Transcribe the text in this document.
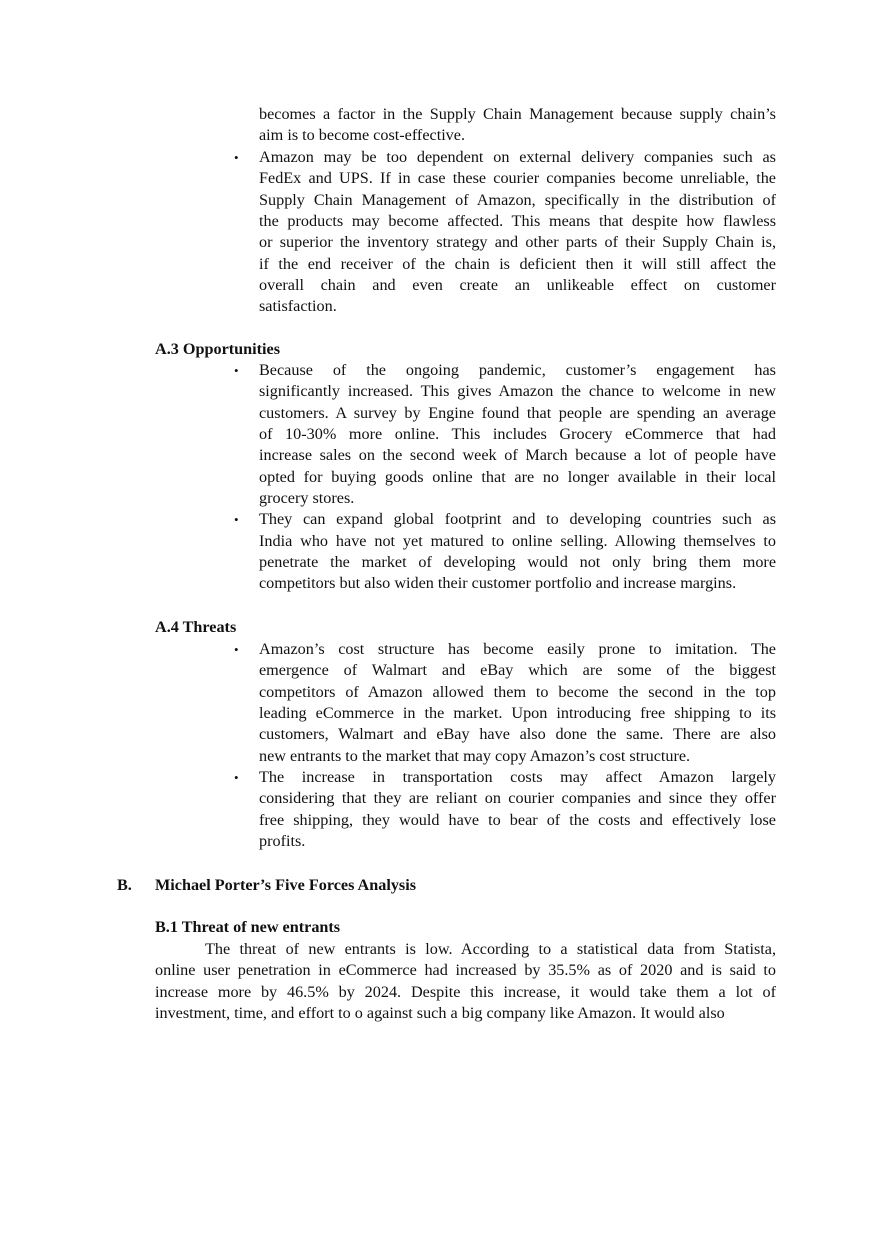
becomes a factor in the Supply Chain Management because supply chain’s
aim is to become cost-effective.
• Amazon may be too dependent on external delivery companies such as
FedEx and UPS. If in case these courier companies become unreliable, the
Supply Chain Management of Amazon, specifically in the distribution of
the products may become affected. This means that despite how flawless
or superior the inventory strategy and other parts of their Supply Chain is,
if the end receiver of the chain is deficient then it will still affect the
overall chain and even create an unlikeable effect on customer
satisfaction.
A.3 Opportunities
• Because of the ongoing pandemic, customer’s engagement has
significantly increased. This gives Amazon the chance to welcome in new
customers. A survey by Engine found that people are spending an average
of 10-30% more online. This includes Grocery eCommerce that had
increase sales on the second week of March because a lot of people have
opted for buying goods online that are no longer available in their local
grocery stores.
• They can expand global footprint and to developing countries such as
India who have not yet matured to online selling. Allowing themselves to
penetrate the market of developing would not only bring them more
competitors but also widen their customer portfolio and increase margins.
A.4 Threats
• Amazon’s cost structure has become easily prone to imitation. The
emergence of Walmart and eBay which are some of the biggest
competitors of Amazon allowed them to become the second in the top
leading eCommerce in the market. Upon introducing free shipping to its
customers, Walmart and eBay have also done the same. There are also
new entrants to the market that may copy Amazon’s cost structure.
• The increase in transportation costs may affect Amazon largely
considering that they are reliant on courier companies and since they offer
free shipping, they would have to bear of the costs and effectively lose
profits.
B. Michael Porter’s Five Forces Analysis
B.1 Threat of new entrants
The threat of new entrants is low. According to a statistical data from Statista,
online user penetration in eCommerce had increased by 35.5% as of 2020 and is said to
increase more by 46.5% by 2024. Despite this increase, it would take them a lot of
investment, time, and effort to o against such a big company like Amazon. It would also
